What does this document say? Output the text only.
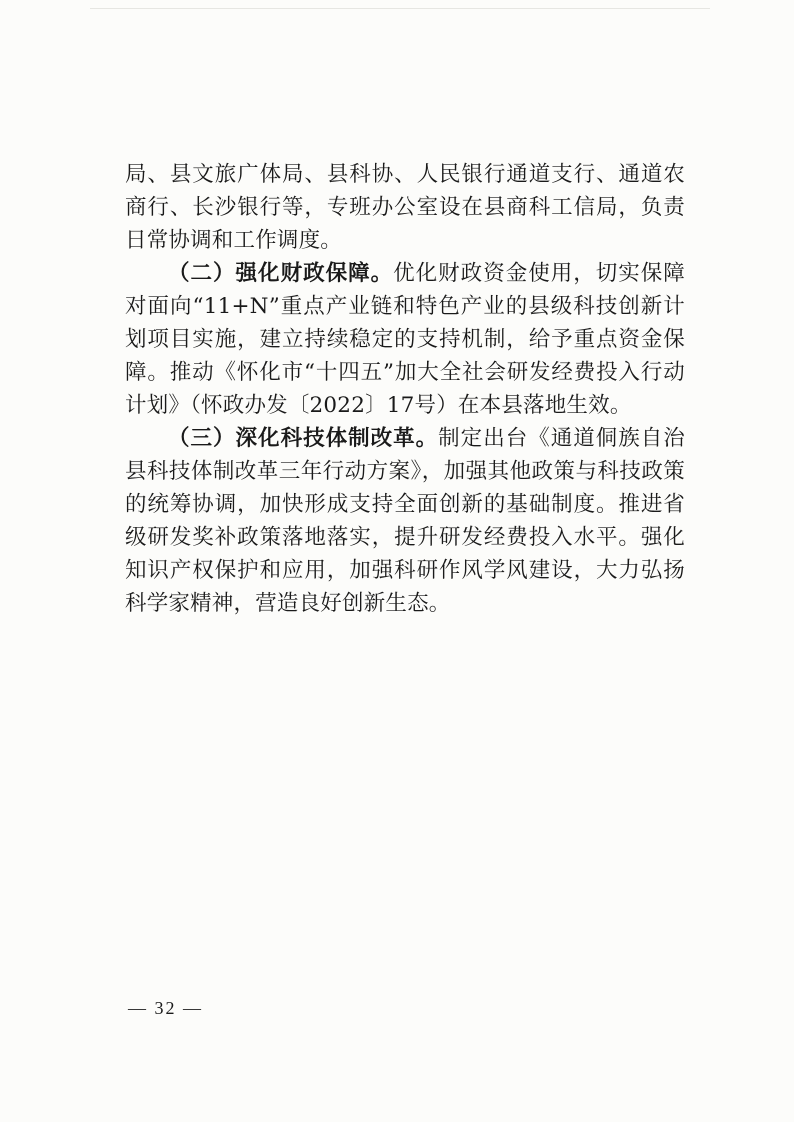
局、县文旅广体局、县科协、人民银行通道支行、通道农商行、长沙银行等，专班办公室设在县商科工信局，负责日常协调和工作调度。

（二）强化财政保障。优化财政资金使用，切实保障对面向“11+N”重点产业链和特色产业的县级科技创新计划项目实施，建立持续稳定的支持机制，给予重点资金保障。推动《怀化市“十四五”加大全社会研发经费投入行动计划》（怀政办发〔2022〕17号）在本县落地生效。

（三）深化科技体制改革。制定出台《通道侗族自治县科技体制改革三年行动方案》，加强其他政策与科技政策的统筹协调，加快形成支持全面创新的基础制度。推进省级研发奖补政策落地落实，提升研发经费投入水平。强化知识产权保护和应用，加强科研作风学风建设，大力弘扬科学家精神，营造良好创新生态。

— 32 —
